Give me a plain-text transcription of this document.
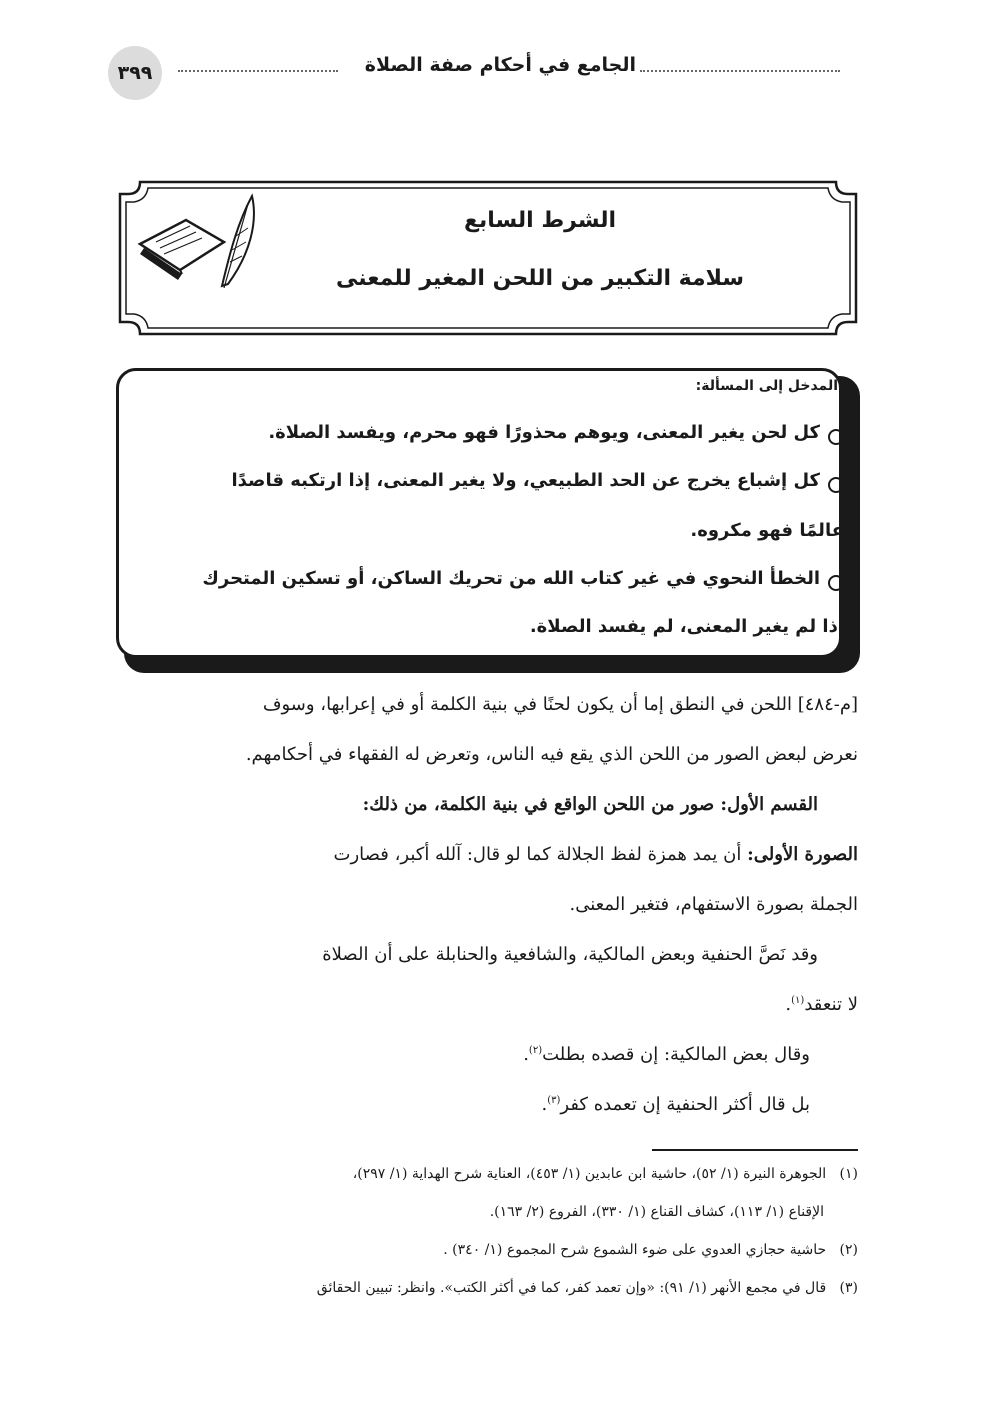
٣٩٩	الجامع في أحكام صفة الصلاة
الشرط السابع
سلامة التكبير من اللحن المغير للمعنى
المدخل إلى المسألة:
كل لحن يغير المعنى، ويوهم محذورًا فهو محرم، ويفسد الصلاة.
كل إشباع يخرج عن الحد الطبيعي، ولا يغير المعنى، إذا ارتكبه قاصدًا
عالمًا فهو مكروه.
الخطأ النحوي في غير كتاب الله من تحريك الساكن، أو تسكين المتحرك
إذا لم يغير المعنى، لم يفسد الصلاة.
[م-٤٨٤] اللحن في النطق إما أن يكون لحنًا في بنية الكلمة أو في إعرابها، وسوف
نعرض لبعض الصور من اللحن الذي يقع فيه الناس، وتعرض له الفقهاء في أحكامهم.
القسم الأول: صور من اللحن الواقع في بنية الكلمة، من ذلك:
الصورة الأولى: أن يمد همزة لفظ الجلالة كما لو قال: آلله أكبر، فصارت
الجملة بصورة الاستفهام، فتغير المعنى.
وقد نَصَّ الحنفية وبعض المالكية، والشافعية والحنابلة على أن الصلاة
لا تنعقد$^{(١)}$.
وقال بعض المالكية: إن قصده بطلت$^{(٢)}$.
بل قال أكثر الحنفية إن تعمده كفر$^{(٣)}$.
(١)   الجوهرة النيرة (١/ ٥٢)، حاشية ابن عابدين (١/ ٤٥٣)، العناية شرح الهداية (١/ ٢٩٧)،
الإقناع (١/ ١١٣)، كشاف القناع (١/ ٣٣٠)، الفروع (٢/ ١٦٣).
(٢)   حاشية حجازي العدوي على ضوء الشموع شرح المجموع (١/ ٣٤٠) .
(٣)   قال في مجمع الأنهر (١/ ٩١): «وإن تعمد كفر، كما في أكثر الكتب». وانظر: تبيين الحقائق
